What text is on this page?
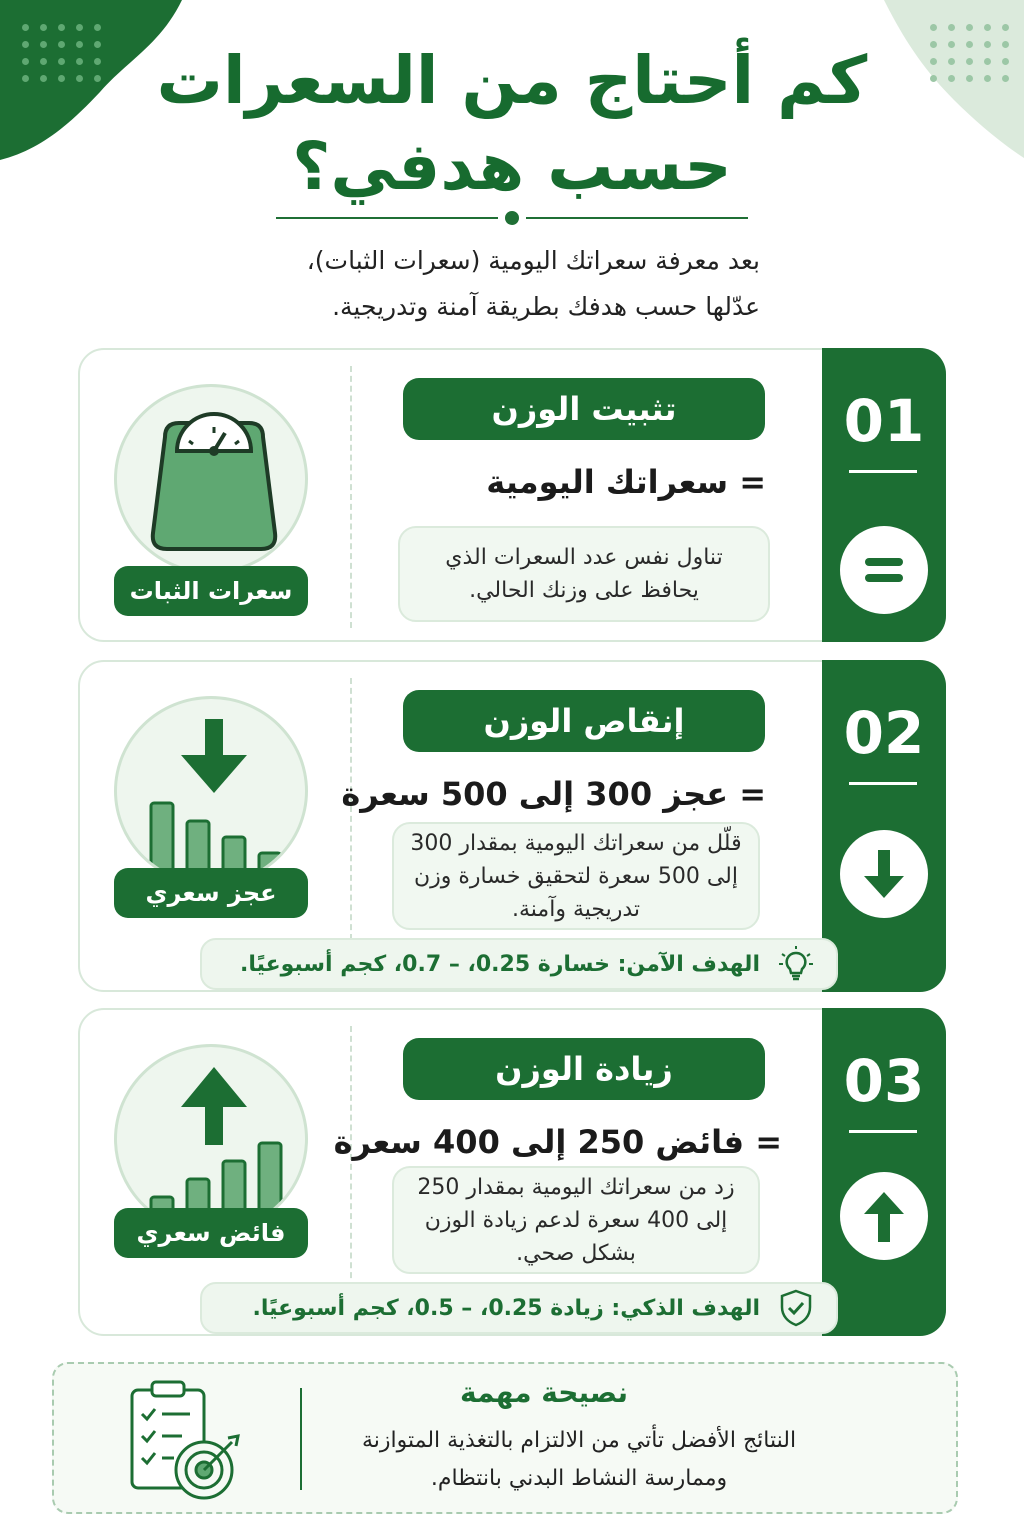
كم أحتاج من السعرات
حسب هدفي؟
بعد معرفة سعراتك اليومية (سعرات الثبات)،
عدّلها حسب هدفك بطريقة آمنة وتدريجية.
01
تثبيت الوزن
= سعراتك اليومية
تناول نفس عدد السعرات الذي يحافظ على وزنك الحالي.
سعرات الثبات
02
إنقاص الوزن
= عجز 300 إلى 500 سعرة
قلّل من سعراتك اليومية بمقدار 300 إلى 500 سعرة لتحقيق خسارة وزن تدريجية وآمنة.
عجز سعري
الهدف الآمن: خسارة 0.25، – 0.7، كجم أسبوعيًا.
03
زيادة الوزن
= فائض 250 إلى 400 سعرة
زد من سعراتك اليومية بمقدار 250 إلى 400 سعرة لدعم زيادة الوزن بشكل صحي.
فائض سعري
الهدف الذكي: زيادة 0.25، – 0.5، كجم أسبوعيًا.
نصيحة مهمة
النتائج الأفضل تأتي من الالتزام بالتغذية المتوازنة
وممارسة النشاط البدني بانتظام.
